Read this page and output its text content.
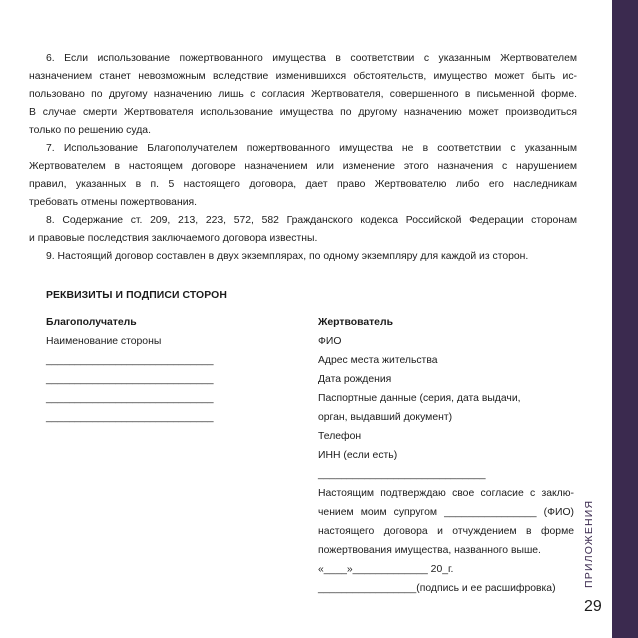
6. Если использование пожертвованного имущества в соответствии с указанным Жертвователем
назначением станет невозможным вследствие изменившихся обстоятельств, имущество может быть ис-
пользовано по другому назначению лишь с согласия Жертвователя, совершенного в письменной форме.
В случае смерти Жертвователя использование имущества по другому назначению может производиться
только по решению суда.

7. Использование Благополучателем пожертвованного имущества не в соответствии с указанным
Жертвователем в настоящем договоре назначением или изменение этого назначения с нарушением
правил, указанных в п. 5 настоящего договора, дает право Жертвователю либо его наследникам
требовать отмены пожертвования.

8. Содержание ст. 209, 213, 223, 572, 582 Гражданского кодекса Российской Федерации сторонам
и правовые последствия заключаемого договора известны.

9. Настоящий договор составлен в двух экземплярах, по одному экземпляру для каждой из сторон.

РЕКВИЗИТЫ И ПОДПИСИ СТОРОН
Благополучатель
Наименование стороны
_____________________________
_____________________________
_____________________________
_____________________________
Жертвователь
ФИО
Адрес места жительства
Дата рождения
Паспортные данные (серия, дата выдачи,
орган, выдавший документ)
Телефон
ИНН (если есть)
_____________________________
Настоящим подтверждаю свое согласие с заклю-
чением моим супругом ________________ (ФИО)
настоящего договора и отчуждением в форме
пожертвования имущества, названного выше.
«____»_____________ 20_г.
_________________(подпись и ее расшифровка)
ПРИЛОЖЕНИЯ
29
